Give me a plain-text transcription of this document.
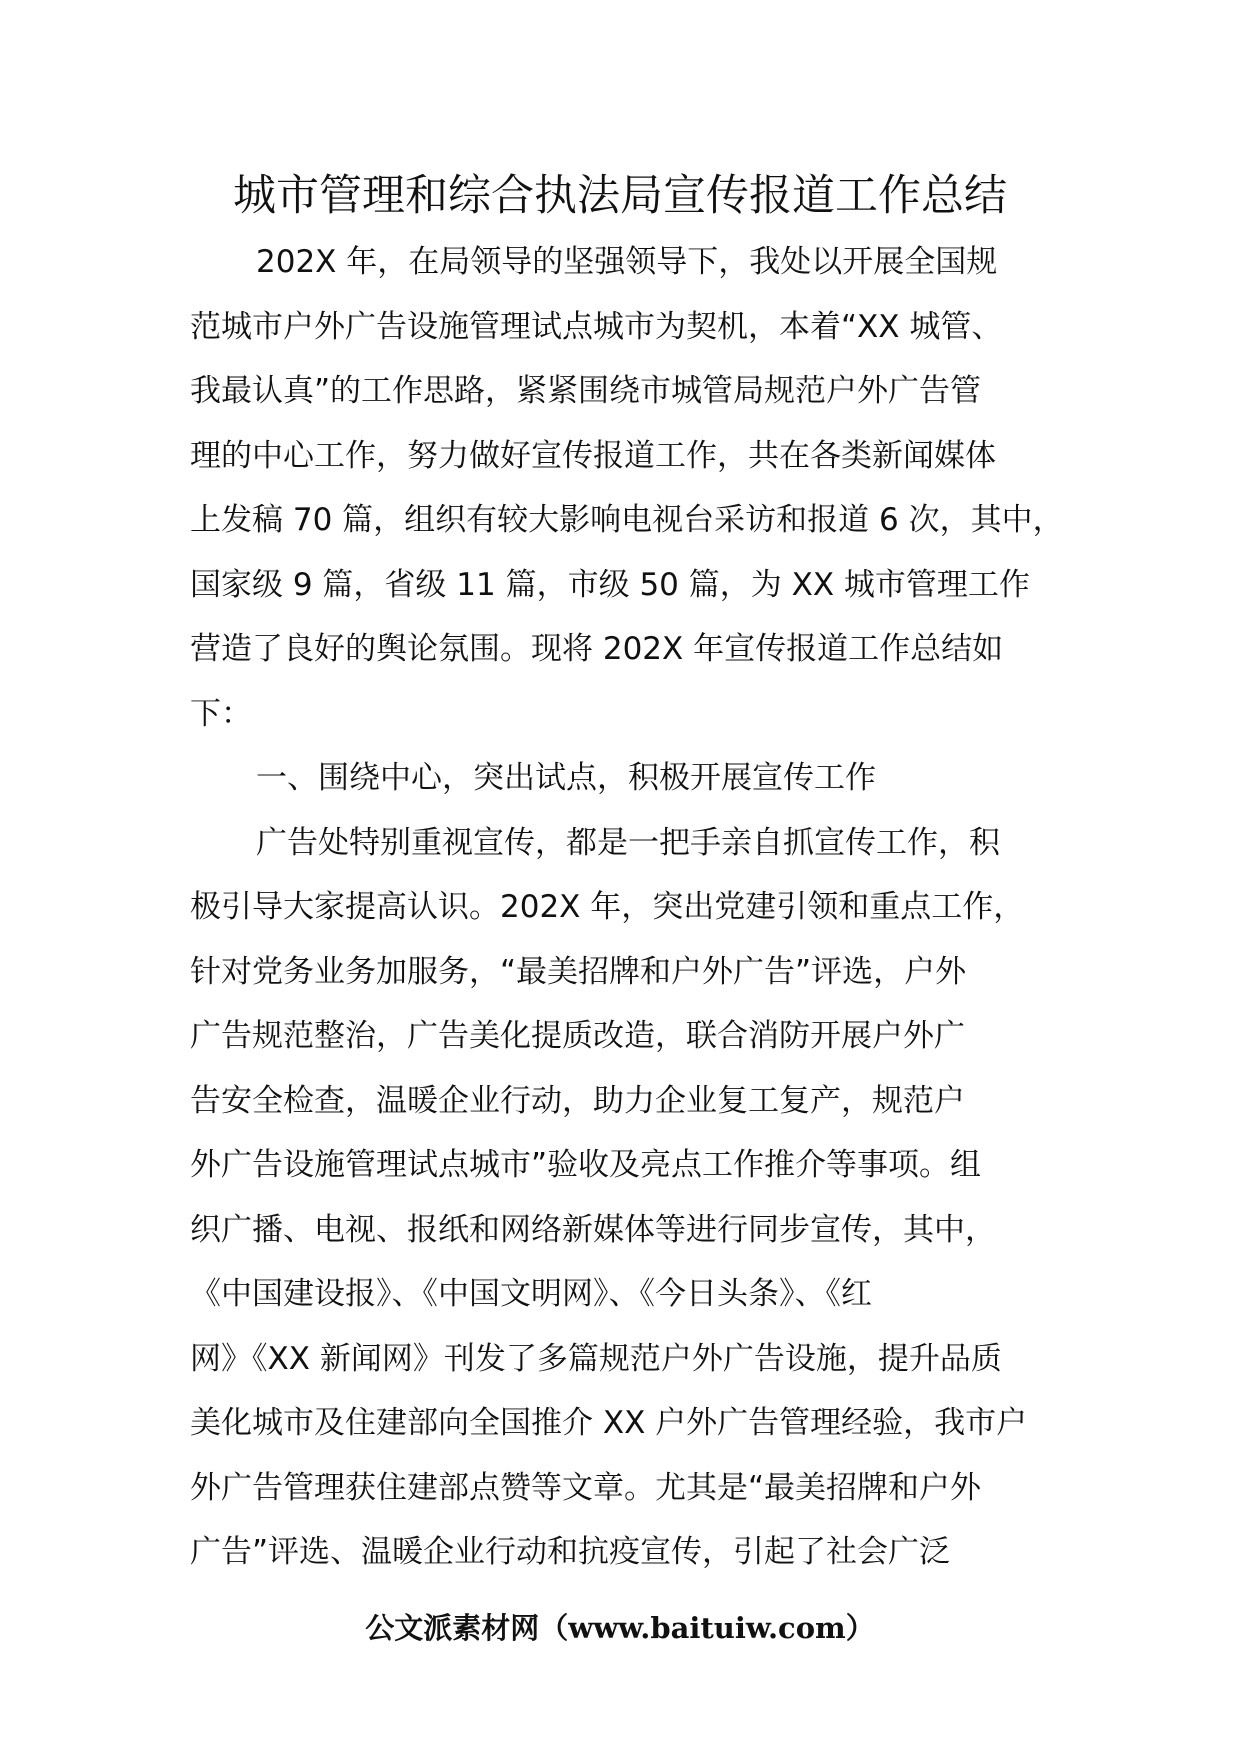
城市管理和综合执法局宣传报道工作总结
202X 年，在局领导的坚强领导下，我处以开展全国规
范城市户外广告设施管理试点城市为契机，本着“XX 城管、
我最认真”的工作思路，紧紧围绕市城管局规范户外广告管
理的中心工作，努力做好宣传报道工作，共在各类新闻媒体
上发稿 70 篇，组织有较大影响电视台采访和报道 6 次，其中，
国家级 9 篇，省级 11 篇，市级 50 篇，为 XX 城市管理工作
营造了良好的舆论氛围。现将 202X 年宣传报道工作总结如
下：
一、围绕中心，突出试点，积极开展宣传工作
广告处特别重视宣传，都是一把手亲自抓宣传工作，积
极引导大家提高认识。202X 年，突出党建引领和重点工作，
针对党务业务加服务，“最美招牌和户外广告”评选，户外
广告规范整治，广告美化提质改造，联合消防开展户外广
告安全检查，温暖企业行动，助力企业复工复产，规范户
外广告设施管理试点城市”验收及亮点工作推介等事项。组
织广播、电视、报纸和网络新媒体等进行同步宣传，其中，
《中国建设报》、《中国文明网》、《今日头条》、《红
网》《XX 新闻网》刊发了多篇规范户外广告设施，提升品质
美化城市及住建部向全国推介 XX 户外广告管理经验，我市户
外广告管理获住建部点赞等文章。尤其是“最美招牌和户外
广告”评选、温暖企业行动和抗疫宣传，引起了社会广泛
公文派素材网（www.baituiw.com）
